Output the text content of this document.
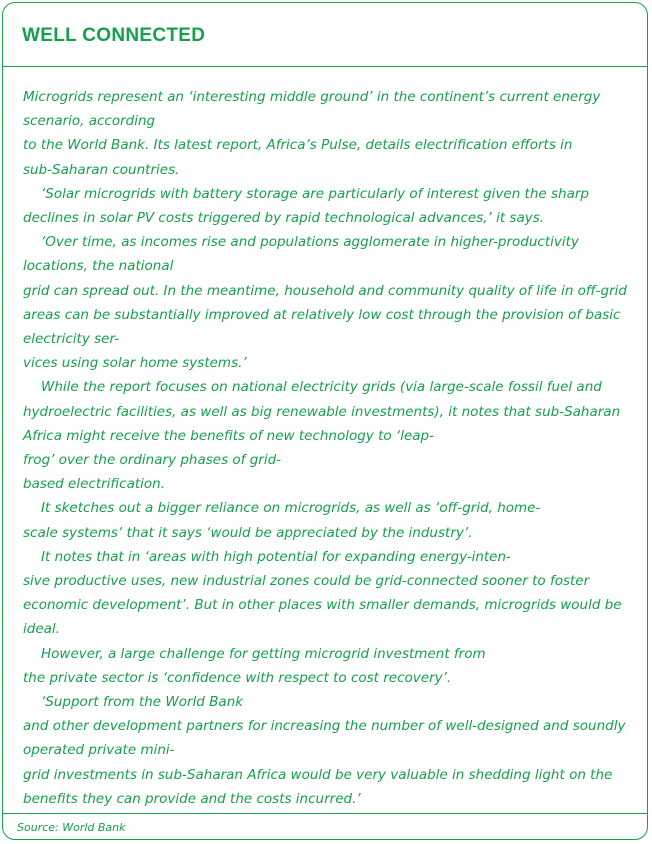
WELL CONNECTED
Microgrids represent an ‘interesting middle ground’ in the continent’s current energy
scenario, according
to the World Bank. Its latest report, Africa’s Pulse, details electrification efforts in
sub-Saharan countries.
‘Solar microgrids with battery storage are particularly of interest given the sharp
declines in solar PV costs triggered by rapid technological advances,’ it says.
‘Over time, as incomes rise and populations agglomerate in higher-productivity
locations, the national
grid can spread out. In the meantime, household and community quality of life in off-grid
areas can be substantially improved at relatively low cost through the provision of basic
electricity ser-
vices using solar home systems.’
While the report focuses on national electricity grids (via large-scale fossil fuel and
hydroelectric facilities, as well as big renewable investments), it notes that sub-Saharan
Africa might receive the benefits of new technology to ‘leap-
frog’ over the ordinary phases of grid-
based electrification.
It sketches out a bigger reliance on microgrids, as well as ‘off-grid, home-
scale systems’ that it says ‘would be appreciated by the industry’.
It notes that in ‘areas with high potential for expanding energy-inten-
sive productive uses, new industrial zones could be grid-connected sooner to foster
economic development’. But in other places with smaller demands, microgrids would be
ideal.
However, a large challenge for getting microgrid investment from
the private sector is ‘confidence with respect to cost recovery’.
‘Support from the World Bank
and other development partners for increasing the number of well-designed and soundly
operated private mini-
grid investments in sub-Saharan Africa would be very valuable in shedding light on the
benefits they can provide and the costs incurred.’
Source: World Bank
